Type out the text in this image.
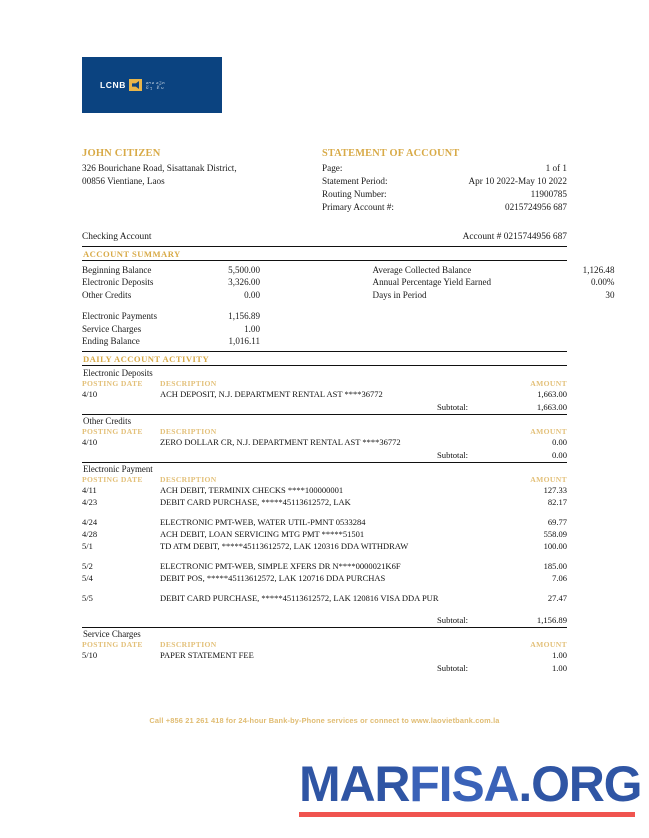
LCNB	ລາວ ວຽດ
ບັງ ຄັບ
JOHN CITIZEN
326 Bourichane Road, Sisattanak District,
00856 Vientiane, Laos
STATEMENT OF ACCOUNT
Page:	1 of 1
Statement Period:	Apr 10 2022-May 10 2022
Routing Number:	11900785
Primary Account #:	0215724956 687
Checking Account	Account # 0215744956 687
ACCOUNT SUMMARY
Beginning Balance	5,500.00
Electronic Deposits	3,326.00
Other Credits	0.00
Electronic Payments	1,156.89
Service Charges	1.00
Ending Balance	1,016.11
Average Collected Balance	1,126.48
Annual Percentage Yield Earned	0.00%
Days in Period	30
DAILY ACCOUNT ACTIVITY
Electronic Deposits
POSTING DATE	DESCRIPTION	AMOUNT
4/10	ACH DEPOSIT, N.J. DEPARTMENT RENTAL AST ****36772	1,663.00
Subtotal:	1,663.00
Other Credits
POSTING DATE	DESCRIPTION	AMOUNT
4/10	ZERO DOLLAR CR, N.J. DEPARTMENT RENTAL AST ****36772	0.00
Subtotal:	0.00
Electronic Payment
POSTING DATE	DESCRIPTION	AMOUNT
4/11	ACH DEBIT, TERMINIX CHECKS ****100000001	127.33
4/23	DEBIT CARD PURCHASE, *****45113612572, LAK	82.17
4/24	ELECTRONIC PMT-WEB, WATER UTIL-PMNT 0533284	69.77
4/28	ACH DEBIT, LOAN SERVICING MTG PMT *****51501	558.09
5/1	TD ATM DEBIT, *****45113612572, LAK 120316 DDA WITHDRAW	100.00
5/2	ELECTRONIC PMT-WEB, SIMPLE XFERS DR N****0000021K6F	185.00
5/4	DEBIT POS, *****45113612572, LAK 120716 DDA PURCHAS	7.06
5/5	DEBIT CARD PURCHASE, *****45113612572, LAK 120816 VISA DDA PUR	27.47
Subtotal:	1,156.89
Service Charges
POSTING DATE	DESCRIPTION	AMOUNT
5/10	PAPER STATEMENT FEE	1.00
Subtotal:	1.00
Call +856 21 261 418 for 24-hour Bank-by-Phone services or connect to www.laovietbank.com.la
MARFISA.ORG
